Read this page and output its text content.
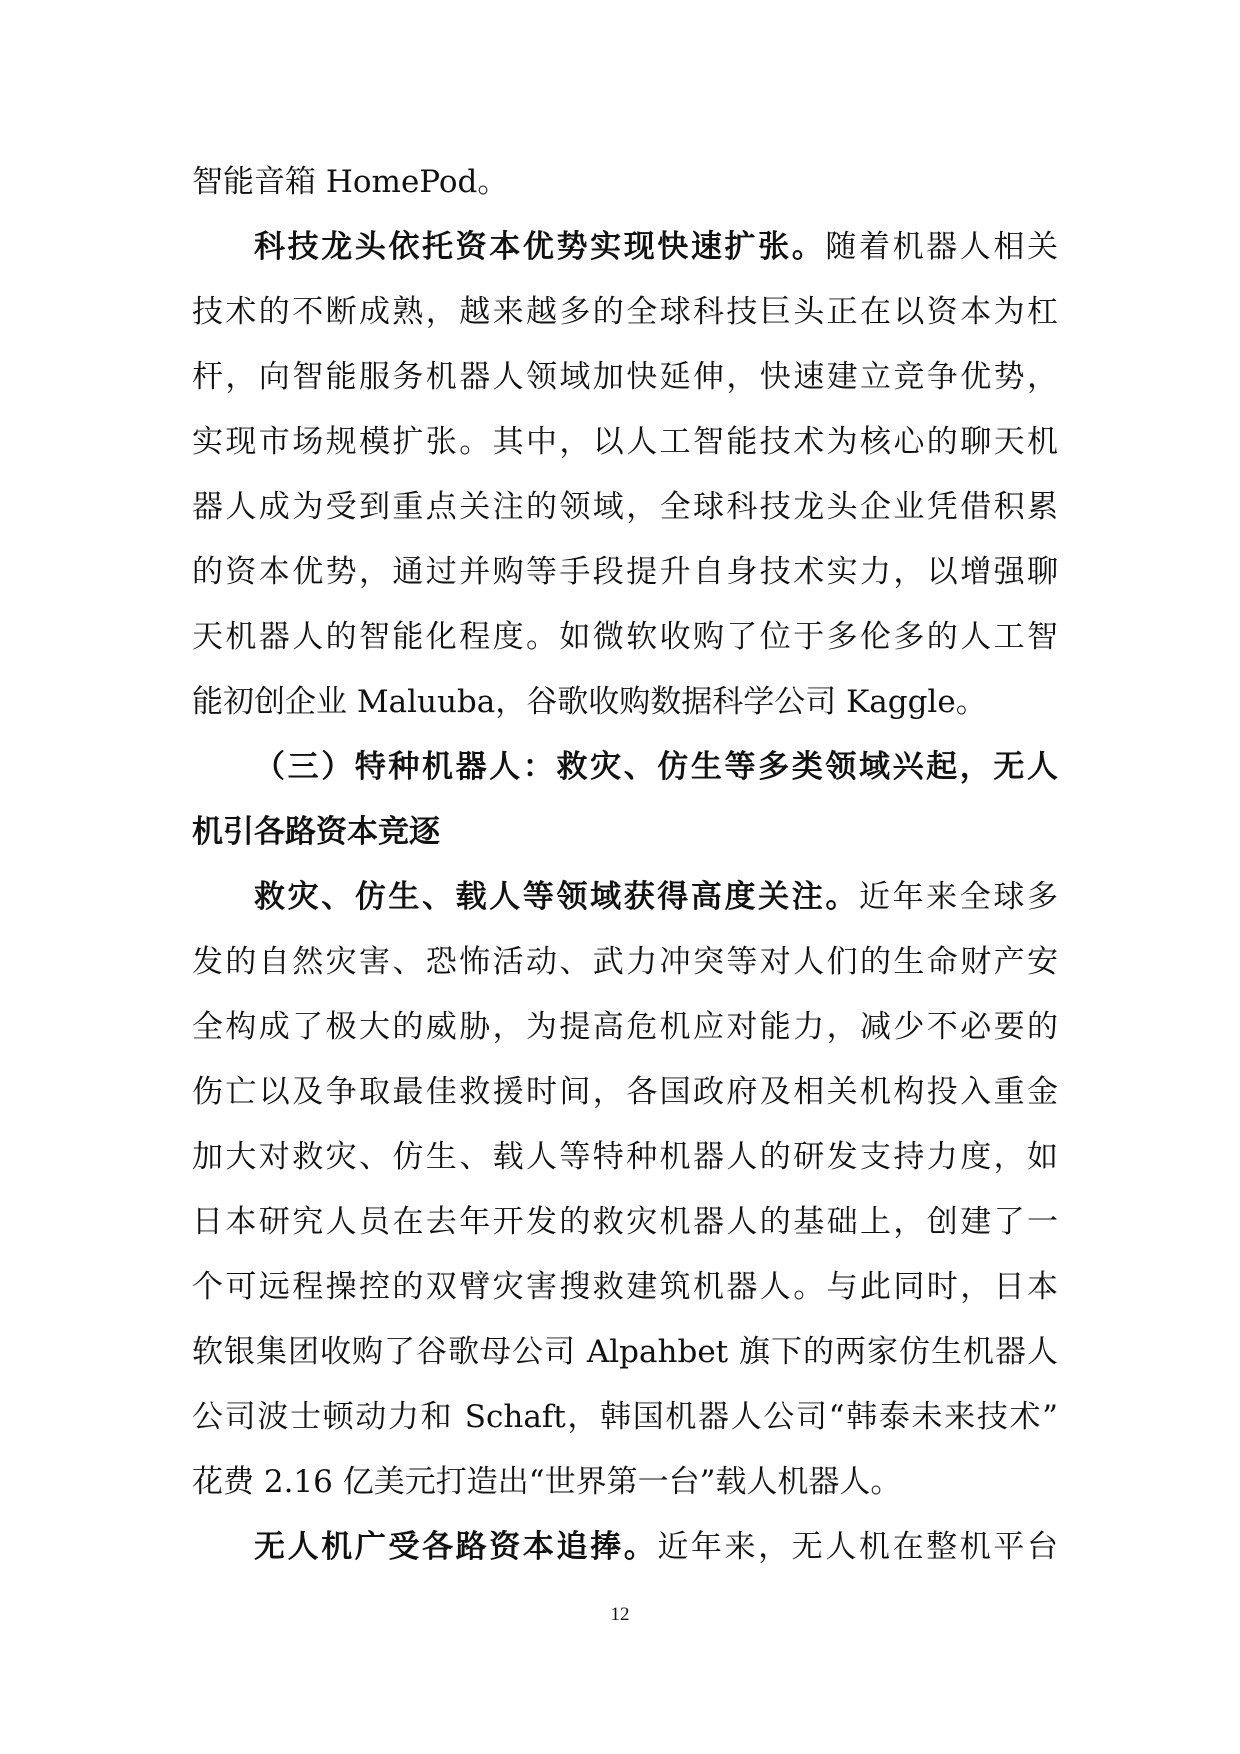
智能音箱 HomePod。
科技龙头依托资本优势实现快速扩张。随着机器人相关
技术的不断成熟，越来越多的全球科技巨头正在以资本为杠
杆，向智能服务机器人领域加快延伸，快速建立竞争优势，
实现市场规模扩张。其中，以人工智能技术为核心的聊天机
器人成为受到重点关注的领域，全球科技龙头企业凭借积累
的资本优势，通过并购等手段提升自身技术实力，以增强聊
天机器人的智能化程度。如微软收购了位于多伦多的人工智
能初创企业 Maluuba，谷歌收购数据科学公司 Kaggle。
（三）特种机器人：救灾、仿生等多类领域兴起，无人
机引各路资本竞逐
救灾、仿生、载人等领域获得高度关注。近年来全球多
发的自然灾害、恐怖活动、武力冲突等对人们的生命财产安
全构成了极大的威胁，为提高危机应对能力，减少不必要的
伤亡以及争取最佳救援时间，各国政府及相关机构投入重金
加大对救灾、仿生、载人等特种机器人的研发支持力度，如
日本研究人员在去年开发的救灾机器人的基础上，创建了一
个可远程操控的双臂灾害搜救建筑机器人。与此同时，日本
软银集团收购了谷歌母公司 Alpahbet 旗下的两家仿生机器人
公司波士顿动力和 Schaft，韩国机器人公司“韩泰未来技术”
花费 2.16 亿美元打造出“世界第一台”载人机器人。
无人机广受各路资本追捧。近年来，无人机在整机平台
12
